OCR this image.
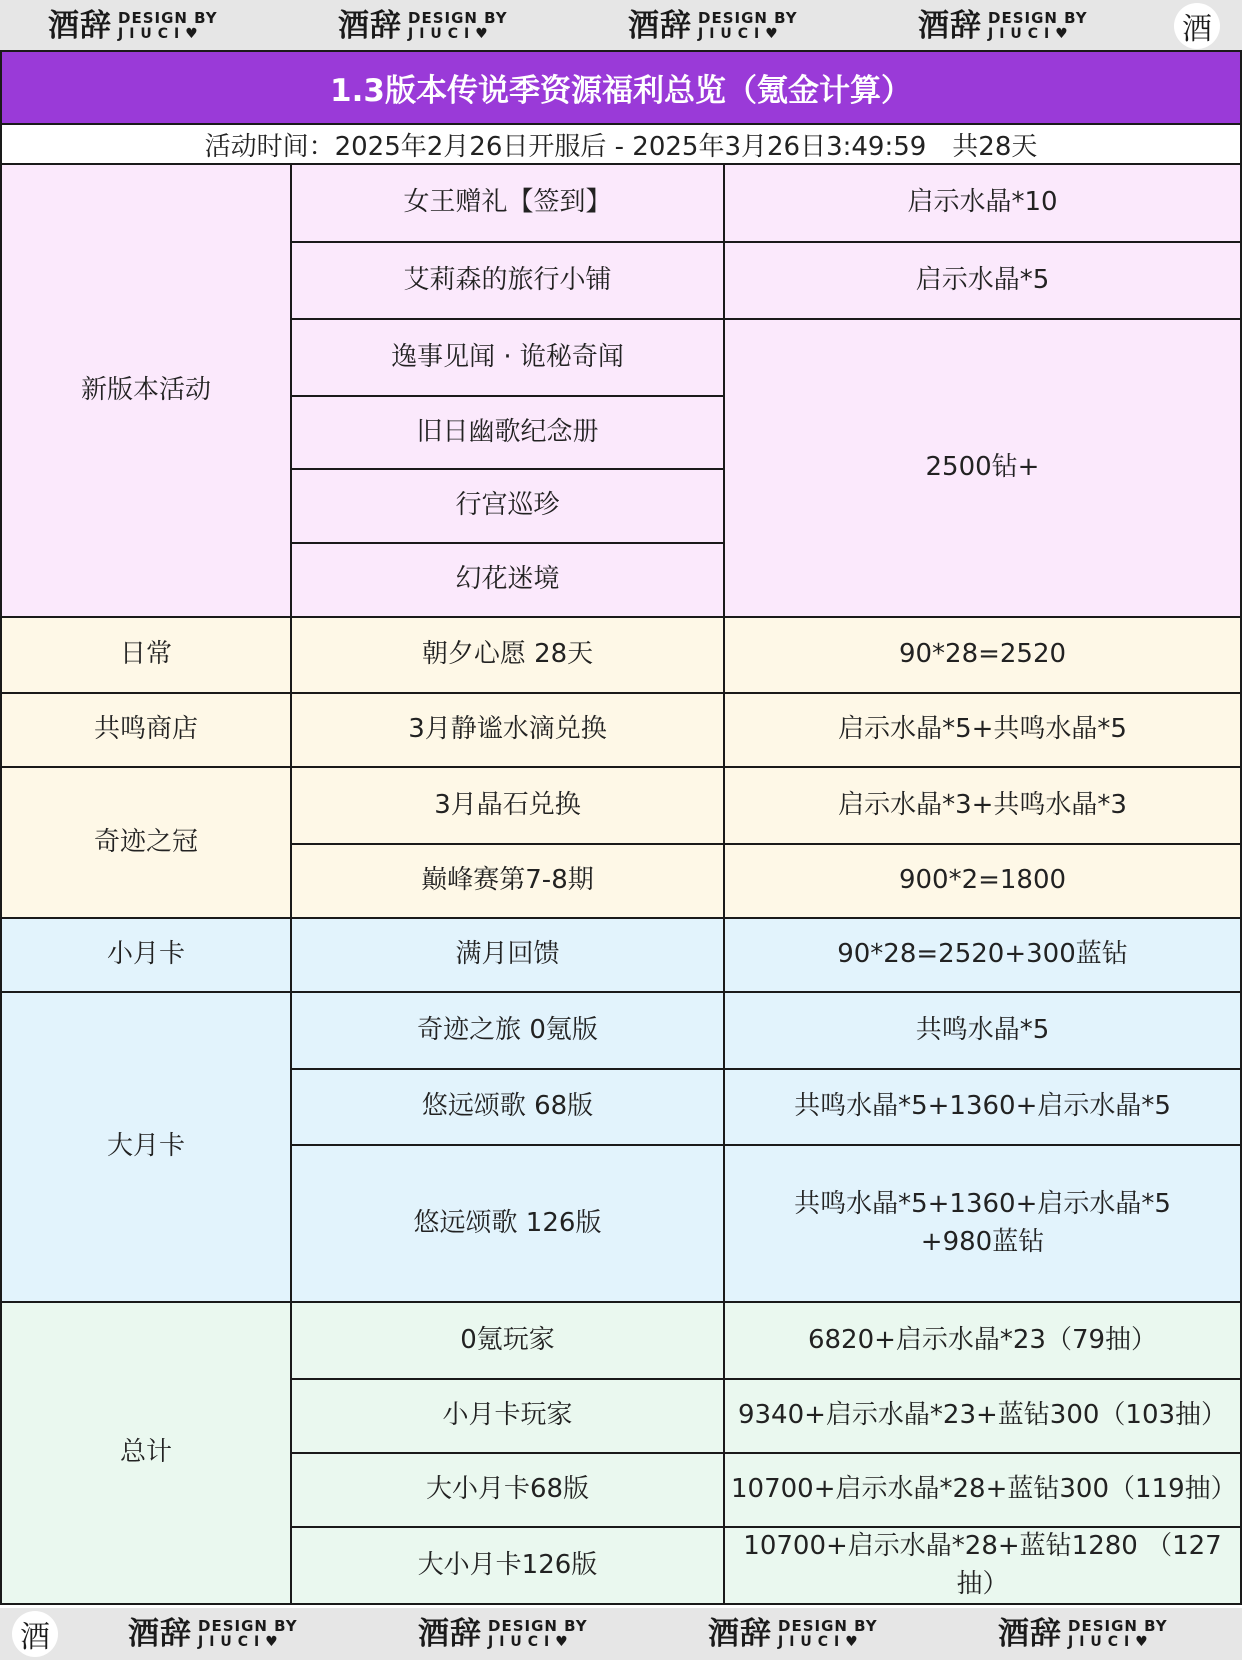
酒辞 DESIGN BY
JIUCI♥	酒辞 DESIGN BY
JIUCI♥	酒辞 DESIGN BY
JIUCI♥	酒辞 DESIGN BY
JIUCI♥	酒
1.3版本传说季资源福利总览（氪金计算）
活动时间：2025年2月26日开服后 - 2025年3月26日3:49:59　共28天
新版本活动	女王赠礼【签到】	启示水晶*10
	艾莉森的旅行小铺	启示水晶*5
	逸事见闻 · 诡秘奇闻	2500钻+
	旧日幽歌纪念册	
	行宫巡珍	
	幻花迷境	
日常	朝夕心愿 28天	90*28=2520
共鸣商店	3月静谧水滴兑换	启示水晶*5+共鸣水晶*5
奇迹之冠	3月晶石兑换	启示水晶*3+共鸣水晶*3
	巅峰赛第7-8期	900*2=1800
小月卡	满月回馈	90*28=2520+300蓝钻
大月卡	奇迹之旅 0氪版	共鸣水晶*5
	悠远颂歌 68版	共鸣水晶*5+1360+启示水晶*5
	悠远颂歌 126版	共鸣水晶*5+1360+启示水晶*5
+980蓝钻

总计	0氪玩家	6820+启示水晶*23（79抽）
	小月卡玩家	9340+启示水晶*23+蓝钻300（103抽）
	大小月卡68版	10700+启示水晶*28+蓝钻300（119抽）
	大小月卡126版	10700+启示水晶*28+蓝钻1280 （127抽）
酒	酒辞 DESIGN BY
JIUCI♥	酒辞 DESIGN BY
JIUCI♥	酒辞 DESIGN BY
JIUCI♥	酒辞 DESIGN BY
JIUCI♥
